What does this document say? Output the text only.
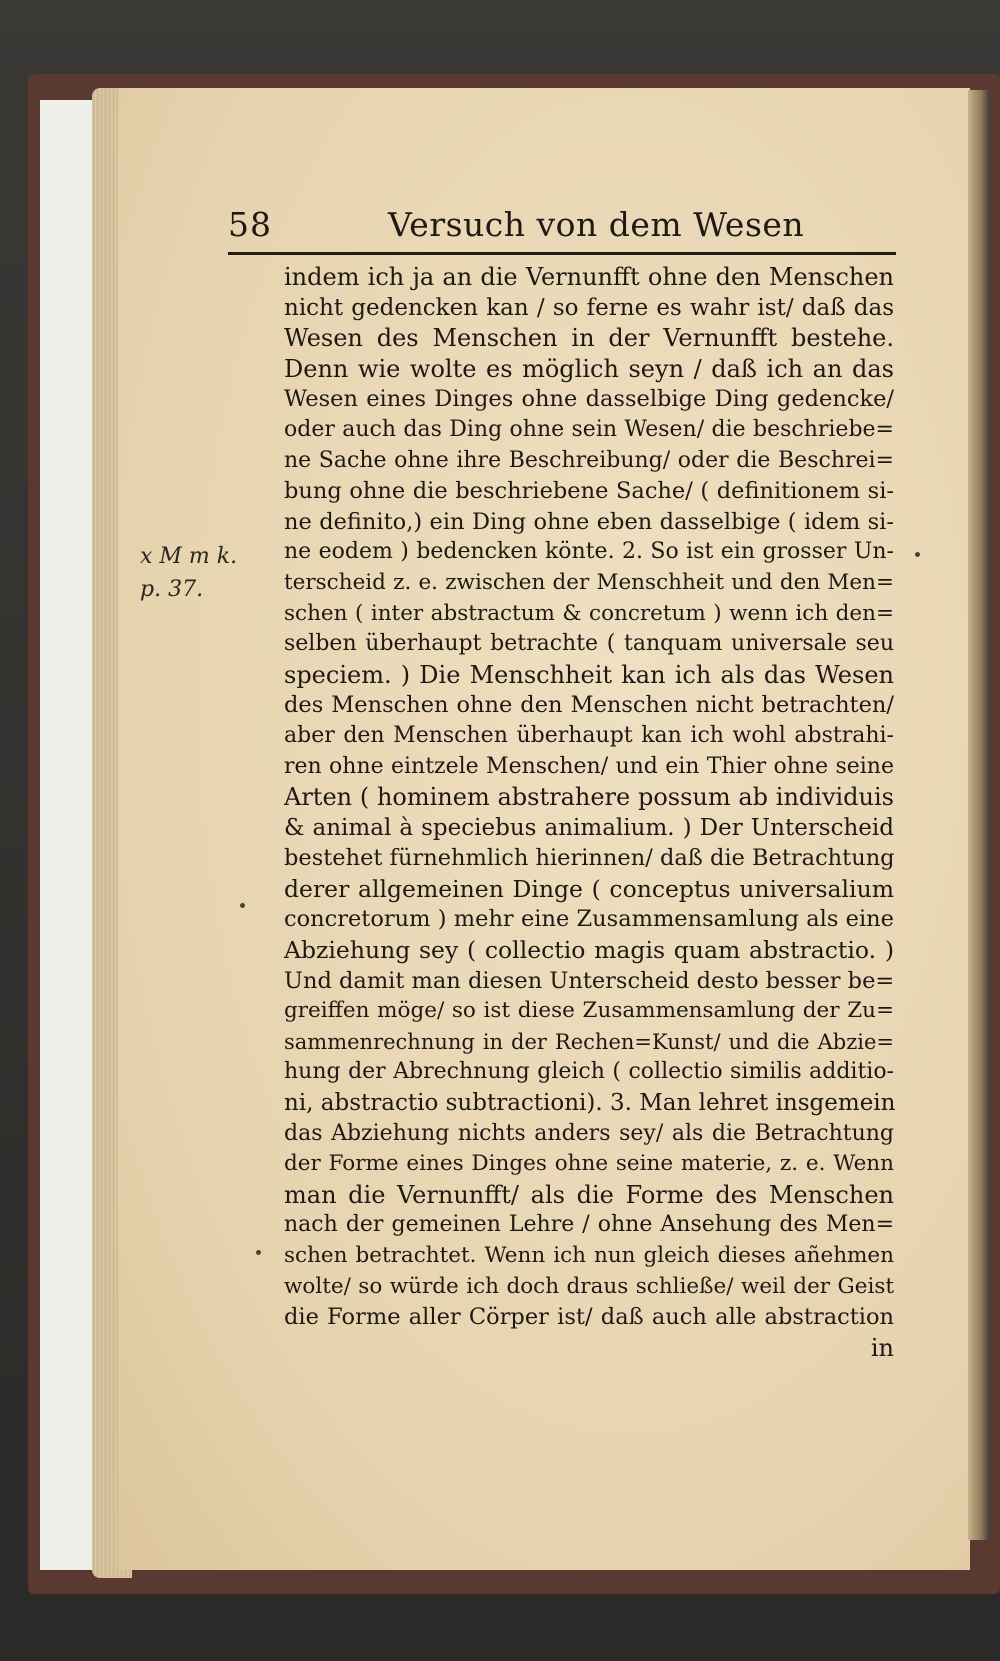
58	Versuch von dem Wesen
x M m k.
p. 37.
indem ich ja an die Vernunfft ohne den Menschen
nicht gedencken kan / so ferne es wahr ist/ daß das
Wesen des Menschen in der Vernunfft bestehe.
Denn wie wolte es möglich seyn / daß ich an das
Wesen eines Dinges ohne dasselbige Ding gedencke/
oder auch das Ding ohne sein Wesen/ die beschriebe=
ne Sache ohne ihre Beschreibung/ oder die Beschrei=
bung ohne die beschriebene Sache/ ( definitionem si-
ne definito,) ein Ding ohne eben dasselbige ( idem si-
ne eodem ) bedencken könte. 2. So ist ein grosser Un-
terscheid z. e. zwischen der Menschheit und den Men=
schen ( inter abstractum & concretum ) wenn ich den=
selben überhaupt betrachte ( tanquam universale seu
speciem. ) Die Menschheit kan ich als das Wesen
des Menschen ohne den Menschen nicht betrachten/
aber den Menschen überhaupt kan ich wohl abstrahi-
ren ohne eintzele Menschen/ und ein Thier ohne seine
Arten ( hominem abstrahere possum ab individuis
& animal à speciebus animalium. ) Der Unterscheid
bestehet fürnehmlich hierinnen/ daß die Betrachtung
derer allgemeinen Dinge ( conceptus universalium
concretorum ) mehr eine Zusammensamlung als eine
Abziehung sey ( collectio magis quam abstractio. )
Und damit man diesen Unterscheid desto besser be=
greiffen möge/ so ist diese Zusammensamlung der Zu=
sammenrechnung in der Rechen=Kunst/ und die Abzie=
hung der Abrechnung gleich ( collectio similis additio-
ni, abstractio subtractioni). 3. Man lehret insgemein
das Abziehung nichts anders sey/ als die Betrachtung
der Forme eines Dinges ohne seine materie, z. e. Wenn
man die Vernunfft/ als die Forme des Menschen
nach der gemeinen Lehre / ohne Ansehung des Men=
schen betrachtet. Wenn ich nun gleich dieses añehmen
wolte/ so würde ich doch draus schließe/ weil der Geist
die Forme aller Cörper ist/ daß auch alle abstraction
in
